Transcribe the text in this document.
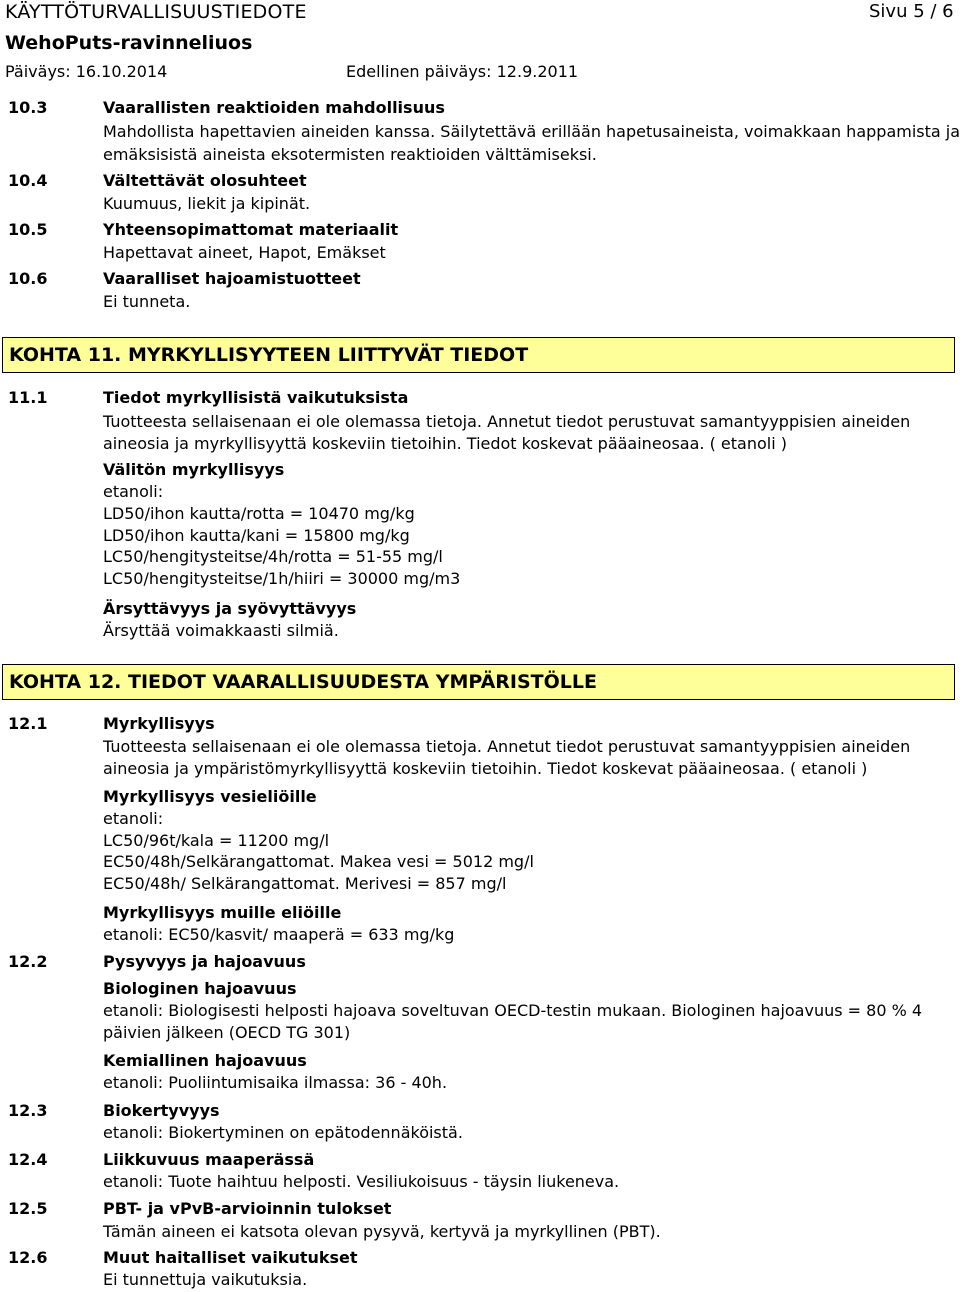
KÄYTTÖTURVALLISUUSTIEDOTE	Sivu 5 / 6
WehoPuts-ravinneliuos
Päiväys: 16.10.2014	Edellinen päiväys: 12.9.2011
10.3	Vaarallisten reaktioiden mahdollisuus
Mahdollista hapettavien aineiden kanssa. Säilytettävä erillään hapetusaineista, voimakkaan happamista ja
emäksisistä aineista eksotermisten reaktioiden välttämiseksi.
10.4	Vältettävät olosuhteet
Kuumuus, liekit ja kipinät.
10.5	Yhteensopimattomat materiaalit
Hapettavat aineet, Hapot, Emäkset
10.6	Vaaralliset hajoamistuotteet
Ei tunneta.
KOHTA 11. MYRKYLLISYYTEEN LIITTYVÄT TIEDOT
11.1	Tiedot myrkyllisistä vaikutuksista
Tuotteesta sellaisenaan ei ole olemassa tietoja. Annetut tiedot perustuvat samantyyppisien aineiden
aineosia ja myrkyllisyyttä koskeviin tietoihin. Tiedot koskevat pääaineosaa. ( etanoli )
Välitön myrkyllisyys
etanoli:
LD50/ihon kautta/rotta = 10470 mg/kg
LD50/ihon kautta/kani = 15800 mg/kg
LC50/hengitysteitse/4h/rotta = 51-55 mg/l
LC50/hengitysteitse/1h/hiiri = 30000 mg/m3
Ärsyttävyys ja syövyttävyys
Ärsyttää voimakkaasti silmiä.
KOHTA 12. TIEDOT VAARALLISUUDESTA YMPÄRISTÖLLE
12.1	Myrkyllisyys
Tuotteesta sellaisenaan ei ole olemassa tietoja. Annetut tiedot perustuvat samantyyppisien aineiden
aineosia ja ympäristömyrkyllisyyttä koskeviin tietoihin. Tiedot koskevat pääaineosaa. ( etanoli )
Myrkyllisyys vesieliöille
etanoli:
LC50/96t/kala = 11200 mg/l
EC50/48h/Selkärangattomat. Makea vesi = 5012 mg/l
EC50/48h/ Selkärangattomat. Merivesi = 857 mg/l
Myrkyllisyys muille eliöille
etanoli: EC50/kasvit/ maaperä = 633 mg/kg
12.2	Pysyvyys ja hajoavuus
Biologinen hajoavuus
etanoli: Biologisesti helposti hajoava soveltuvan OECD-testin mukaan. Biologinen hajoavuus = 80 % 4
päivien jälkeen (OECD TG 301)
Kemiallinen hajoavuus
etanoli: Puoliintumisaika ilmassa: 36 - 40h.
12.3	Biokertyvyys
etanoli: Biokertyminen on epätodennäköistä.
12.4	Liikkuvuus maaperässä
etanoli: Tuote haihtuu helposti. Vesiliukoisuus - täysin liukeneva.
12.5	PBT- ja vPvB-arvioinnin tulokset
Tämän aineen ei katsota olevan pysyvä, kertyvä ja myrkyllinen (PBT).
12.6	Muut haitalliset vaikutukset
Ei tunnettuja vaikutuksia.
